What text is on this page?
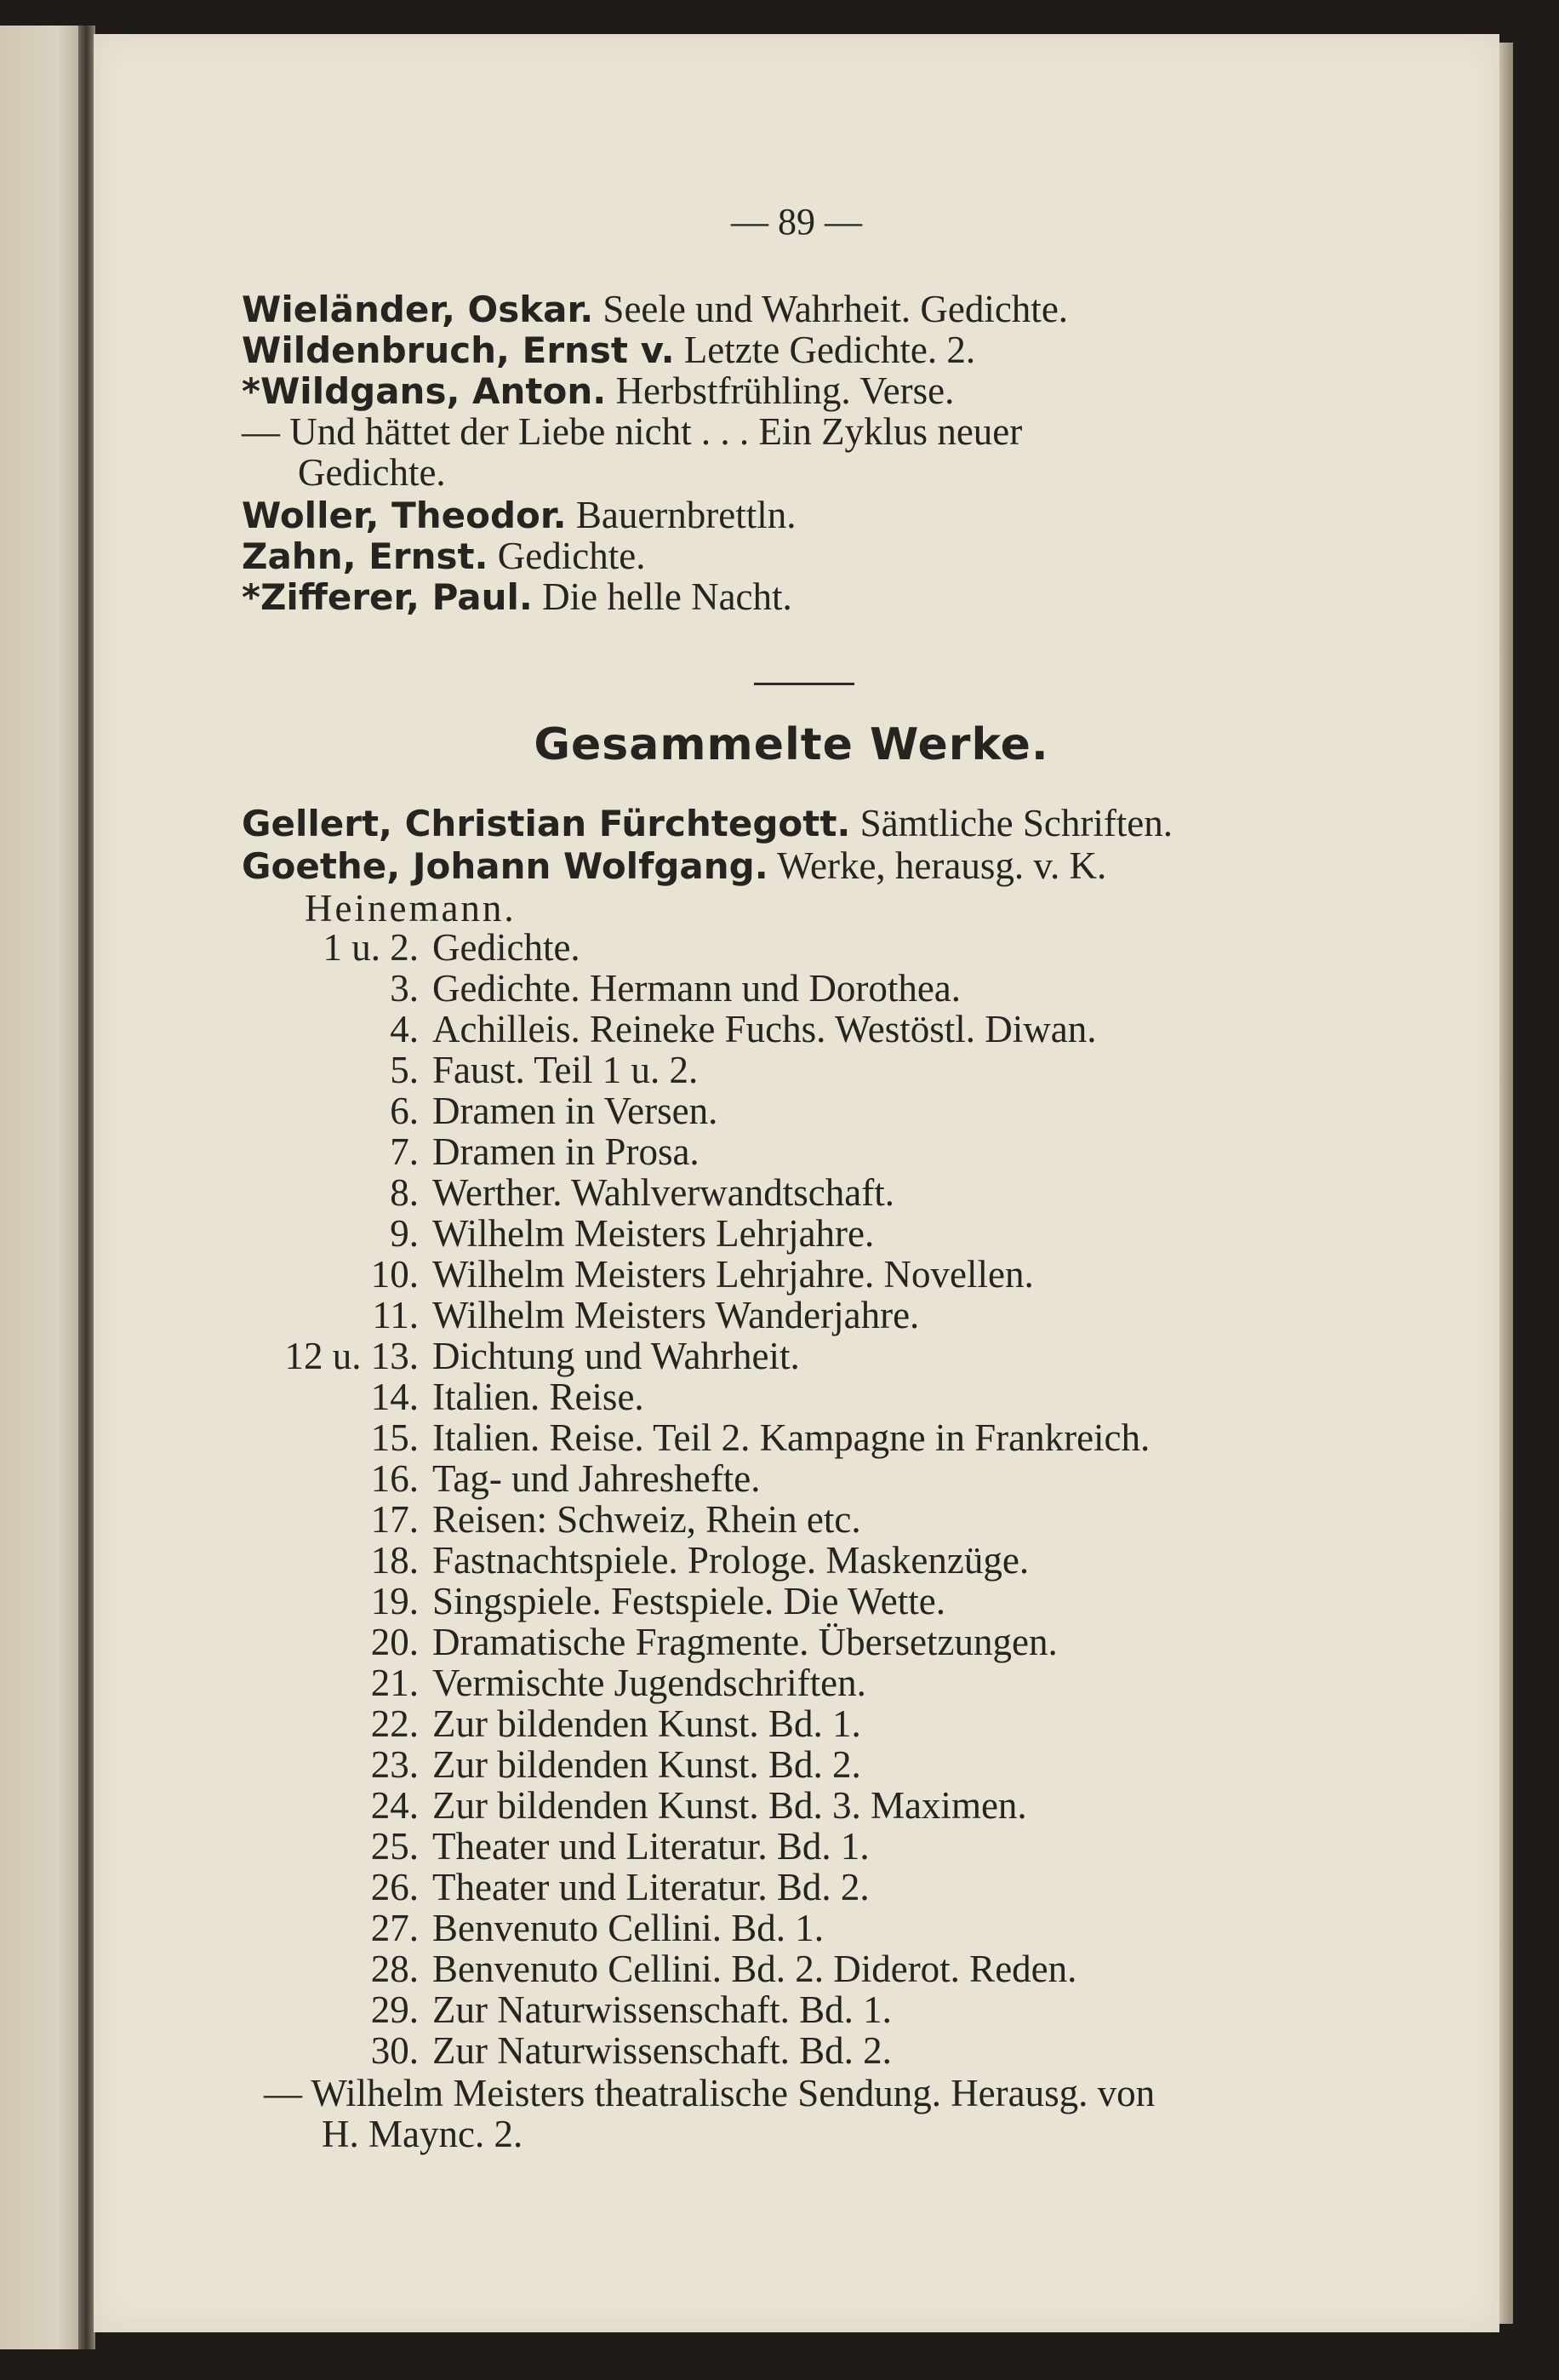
— 89 —
Wieländer, Oskar. Seele und Wahrheit. Gedichte.
Wildenbruch, Ernst v. Letzte Gedichte. 2.
*Wildgans, Anton. Herbstfrühling. Verse.
— Und hättet der Liebe nicht . . . Ein Zyklus neuer
Gedichte.
Woller, Theodor. Bauernbrettln.
Zahn, Ernst. Gedichte.
*Zifferer, Paul. Die helle Nacht.
Gesammelte Werke.
Gellert, Christian Fürchtegott. Sämtliche Schriften.
Goethe, Johann Wolfgang. Werke, herausg. v. K.
Heinemann.
1 u. 2. Gedichte.
3. Gedichte. Hermann und Dorothea.
4. Achilleis. Reineke Fuchs. Westöstl. Diwan.
5. Faust. Teil 1 u. 2.
6. Dramen in Versen.
7. Dramen in Prosa.
8. Werther. Wahlverwandtschaft.
9. Wilhelm Meisters Lehrjahre.
10. Wilhelm Meisters Lehrjahre. Novellen.
11. Wilhelm Meisters Wanderjahre.
12 u. 13. Dichtung und Wahrheit.
14. Italien. Reise.
15. Italien. Reise. Teil 2. Kampagne in Frankreich.
16. Tag- und Jahreshefte.
17. Reisen: Schweiz, Rhein etc.
18. Fastnachtspiele. Prologe. Maskenzüge.
19. Singspiele. Festspiele. Die Wette.
20. Dramatische Fragmente. Übersetzungen.
21. Vermischte Jugendschriften.
22. Zur bildenden Kunst. Bd. 1.
23. Zur bildenden Kunst. Bd. 2.
24. Zur bildenden Kunst. Bd. 3. Maximen.
25. Theater und Literatur. Bd. 1.
26. Theater und Literatur. Bd. 2.
27. Benvenuto Cellini. Bd. 1.
28. Benvenuto Cellini. Bd. 2. Diderot. Reden.
29. Zur Naturwissenschaft. Bd. 1.
30. Zur Naturwissenschaft. Bd. 2.
— Wilhelm Meisters theatralische Sendung. Herausg. von
H. Maync. 2.
